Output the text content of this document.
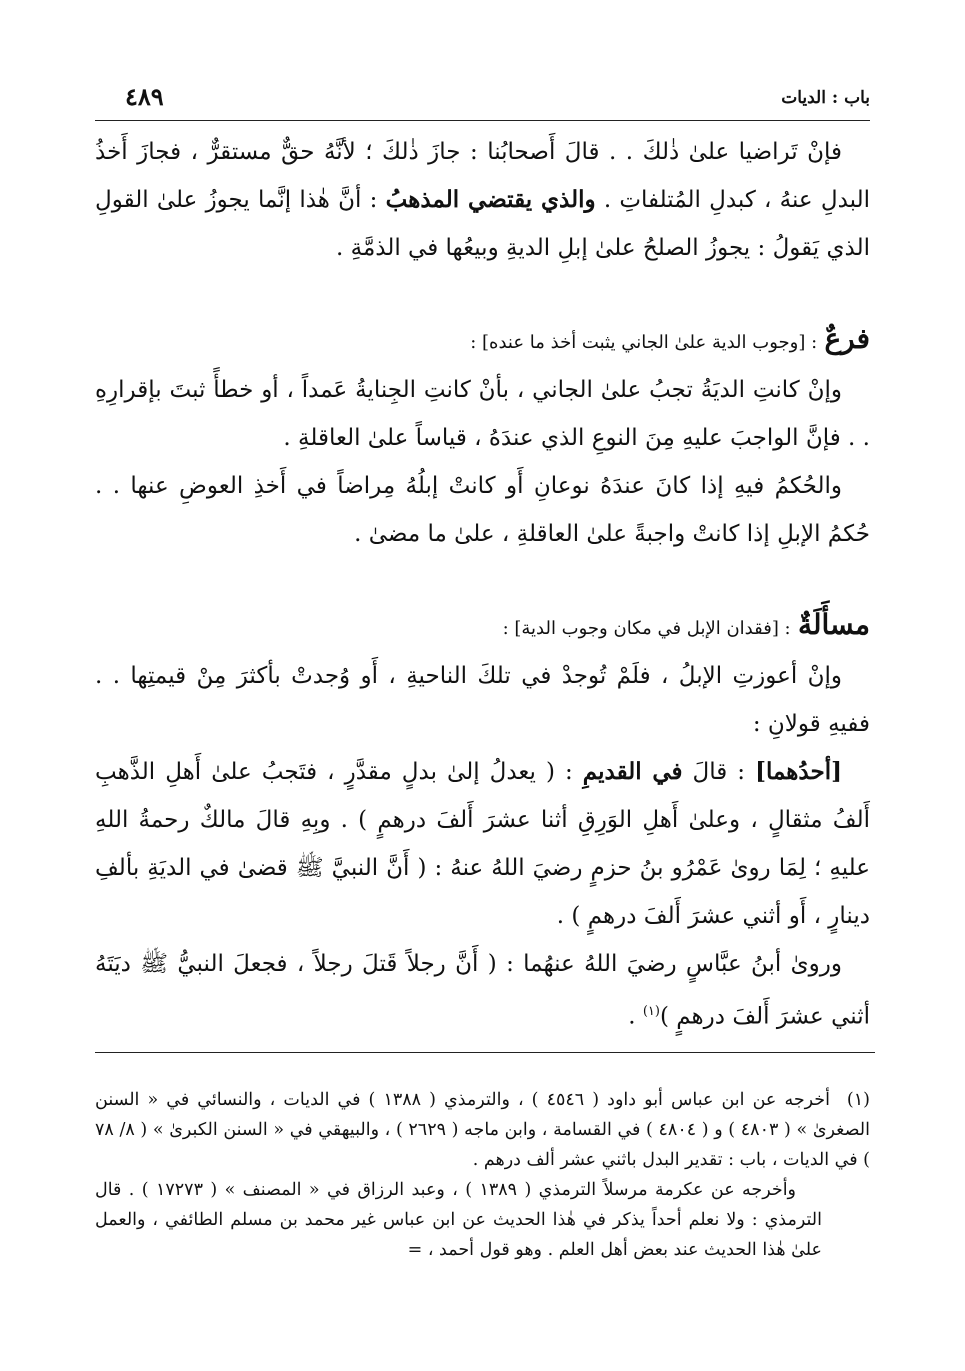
باب : الديات
٤٨٩

فإنْ تَراضيا علىٰ ذٰلكَ . . قالَ أَصحابُنا : جازَ ذٰلكَ ؛ لأنَّهُ حقٌّ مستقرٌّ ، فجازَ أَخذُ البدلِ عنهُ ، كبدلِ المُتلفاتِ . والذي يقتضي المذهبُ : أنَّ هٰذا إنَّما يجوزُ علىٰ القولِ الذي يَقولُ : يجوزُ الصلحُ علىٰ إبلِ الديةِ وبيعُها في الذمَّةِ .

فرعٌ : [وجوب الدية علىٰ الجاني يثبت أخذ ما عنده] :

وإنْ كانتِ الديَةُ تجبُ علىٰ الجاني ، بأنْ كانتِ الجِنايةُ عَمداً ، أو خطأً ثبتَ بإقرارِهِ . . فإنَّ الواجبَ عليهِ مِنَ النوعِ الذي عندَهُ ، قياساً علىٰ العاقلةِ .

والحُكمُ فيهِ إذا كانَ عندَهُ نوعانِ أَو كانتْ إبلُهُ مِراضاً في أَخذِ العوضِ عنها . . حُكمُ الإبلِ إذا كانتْ واجبةً علىٰ العاقلةِ ، علىٰ ما مضىٰ .

مسأَلَةٌ : [فقدان الإبل في مكان وجوب الدية] :

وإنْ أعوزتِ الإبلُ ، فلَمْ تُوجدْ في تلكَ الناحيةِ ، أَو وُجدتْ بأكثرَ مِنْ قيمتِها . . ففيهِ قولانِ :

[أحدُهما] : قالَ في القديمِ : ( يعدلُ إلىٰ بدلٍ مقدَّرٍ ، فتَجبُ علىٰ أَهلِ الذَّهبِ أَلفُ مثقالٍ ، وعلىٰ أَهلِ الوَرِقِ أثنا عشرَ أَلفَ درهمٍ ) . وبِهِ قالَ مالكٌ رحمةُ اللهِ عليهِ ؛ لِمَا روىٰ عَمْرُو بنُ حزمٍ رضيَ اللهُ عنهُ : ( أَنَّ النبيَّ ﷺ قضىٰ في الديَةِ بألفِ دينارٍ ، أَو أثني عشرَ أَلفَ درهمٍ ) .

وروىٰ أبنُ عبَّاسٍ رضيَ اللهُ عنهُما : ( أَنَّ رجلاً قَتلَ رجلاً ، فجعلَ النبيُّ ﷺ ديَتَهُ أثني عشرَ أَلفَ درهمٍ )$^{(١)}$ .

(١)أخرجه عن ابن عباس أبو داود ( ٤٥٤٦ ) ، والترمذي ( ١٣٨٨ ) في الديات ، والنسائي في « السنن الصغرىٰ » ( ٤٨٠٣ ) و ( ٤٨٠٤ ) في القسامة ، وابن ماجه ( ٢٦٢٩ ) ، والبيهقي في « السنن الكبرىٰ » ( ٨/ ٧٨ ) في الديات ، باب : تقدير البدل باثني عشر ألف درهم .

وأخرجه عن عكرمة مرسلاً الترمذي ( ١٣٨٩ ) ، وعبد الرزاق في « المصنف » ( ١٧٢٧٣ ) . قال الترمذي : ولا نعلم أحداً يذكر في هٰذا الحديث عن ابن عباس غير محمد بن مسلم الطائفي ، والعمل علىٰ هٰذا الحديث عند بعض أهل العلم . وهو قول أحمد ، =
